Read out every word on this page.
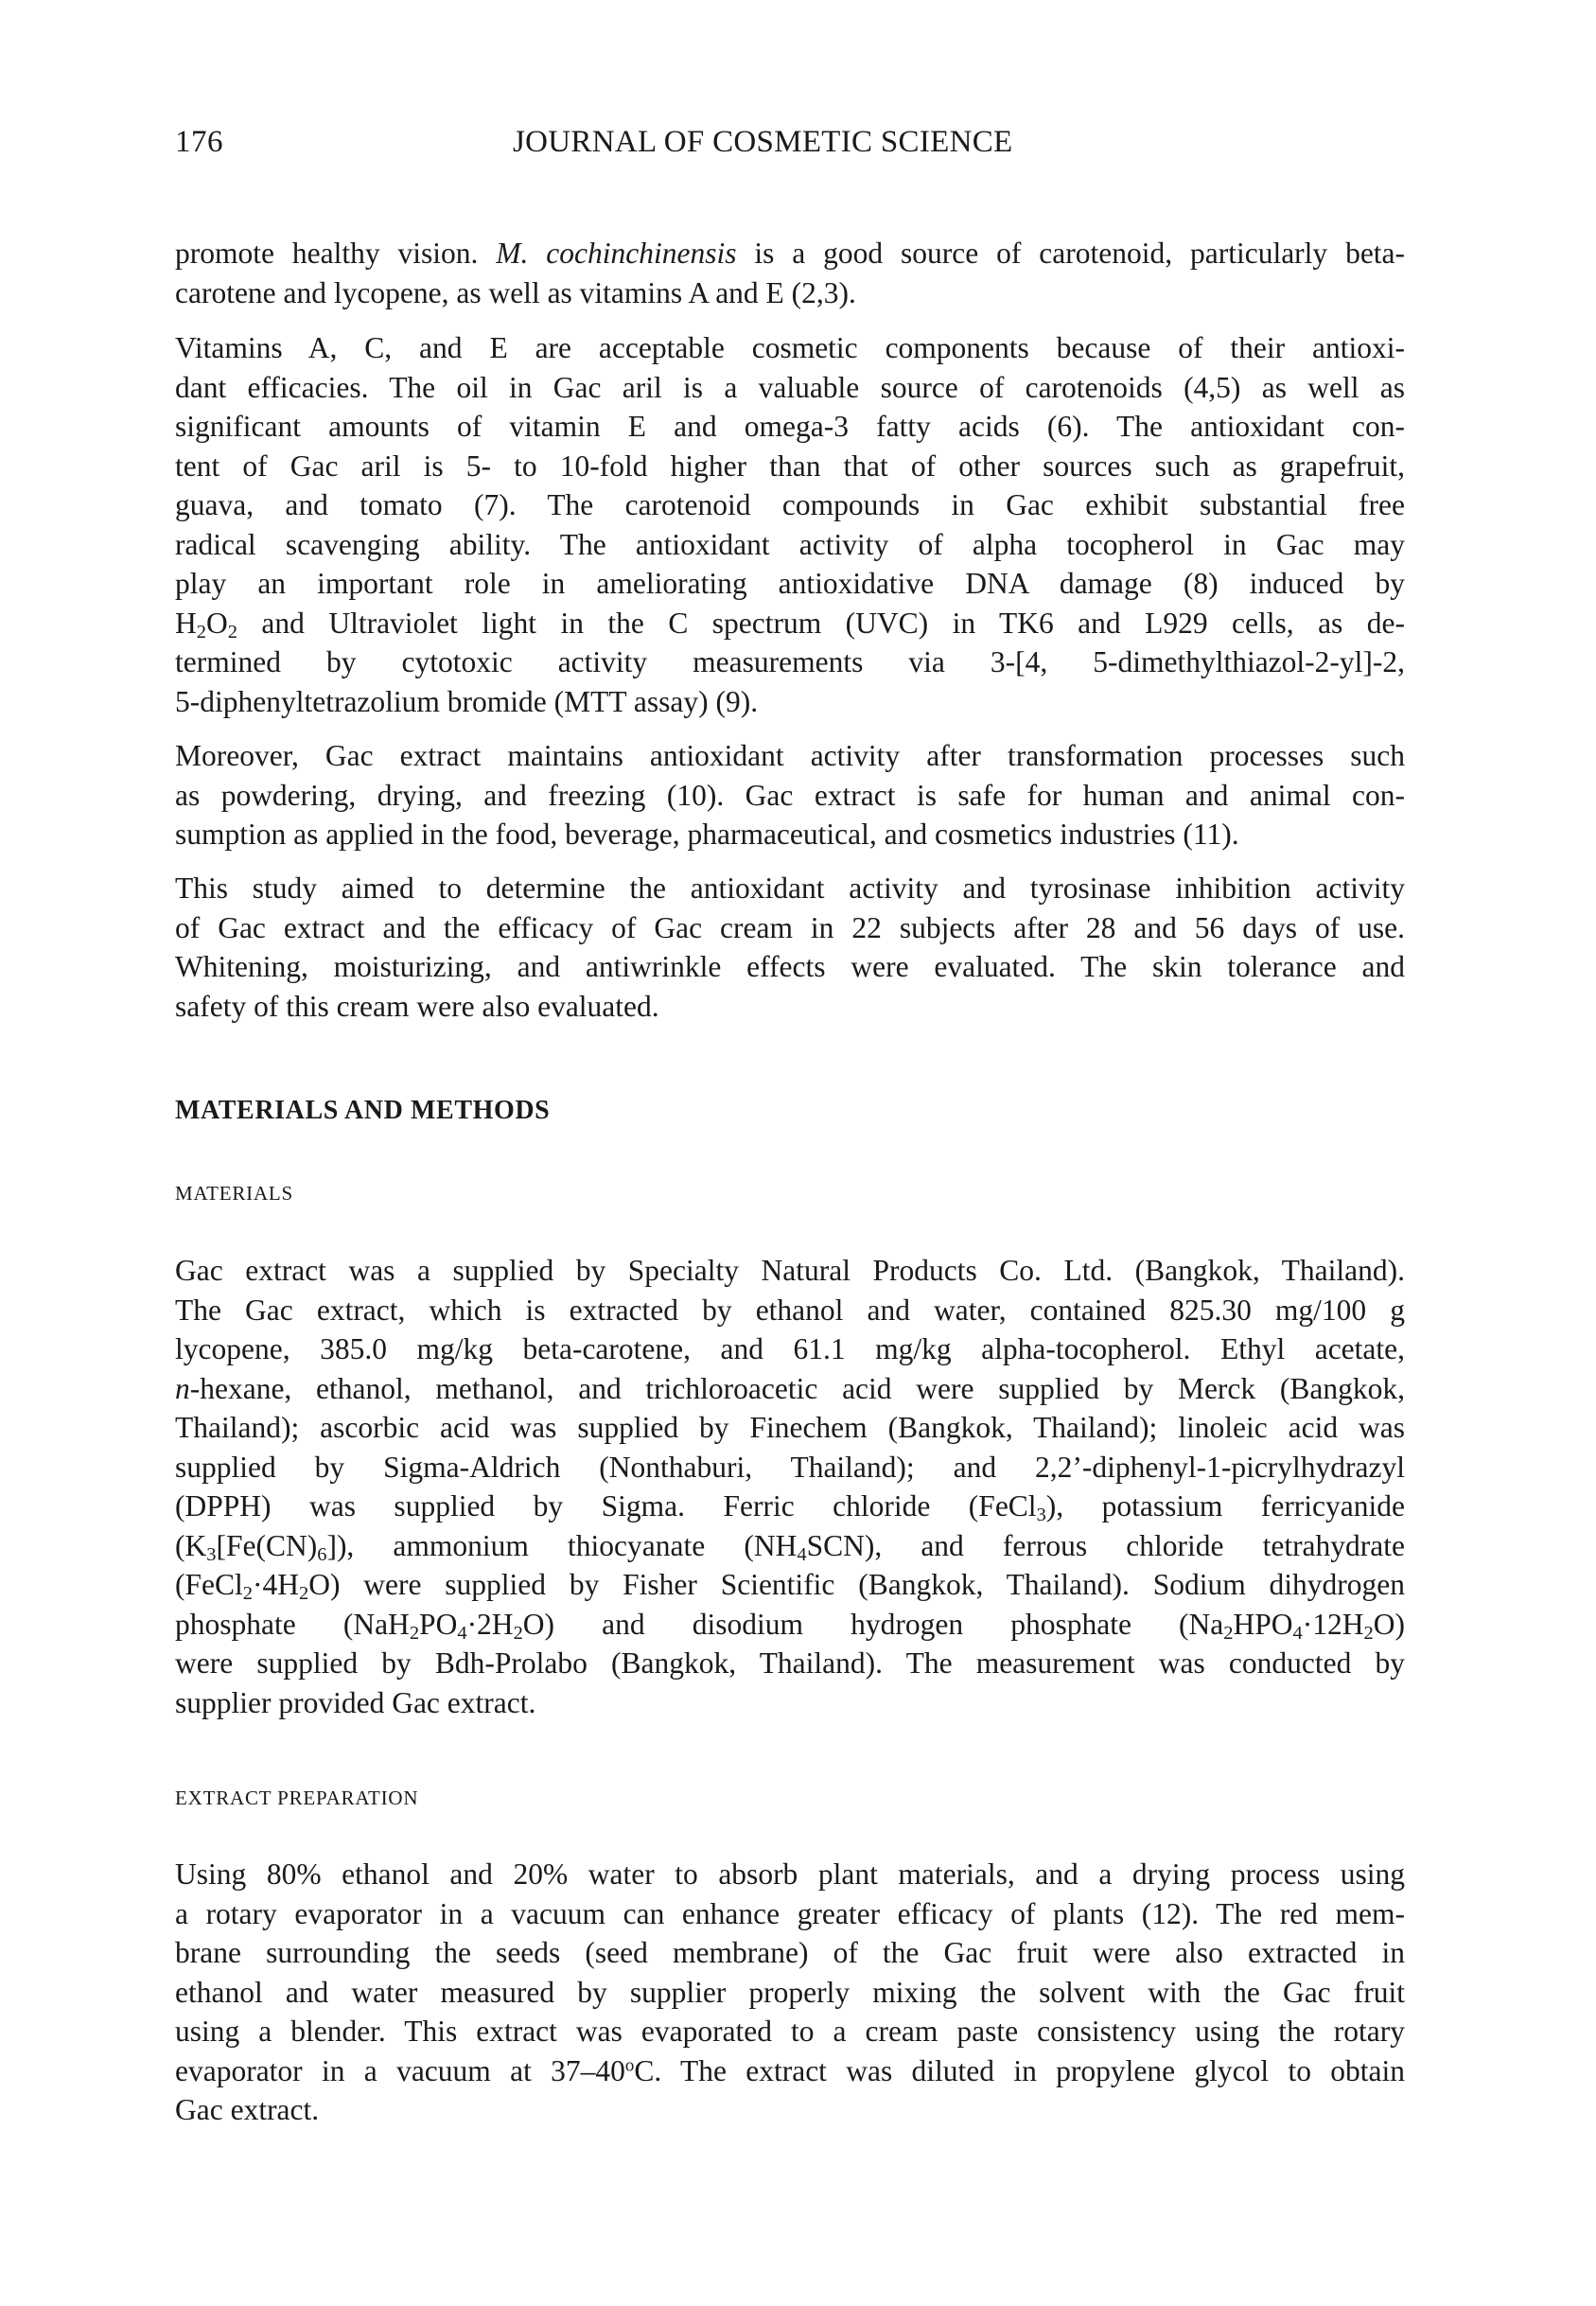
176	JOURNAL OF COSMETIC SCIENCE
promote healthy vision. M. cochinchinensis is a good source of carotenoid, particularly beta-
carotene and lycopene, as well as vitamins A and E (2,3).
Vitamins A, C, and E are acceptable cosmetic components because of their antioxi-
dant efficacies. The oil in Gac aril is a valuable source of carotenoids (4,5) as well as
significant amounts of vitamin E and omega-3 fatty acids (6). The antioxidant con-
tent of Gac aril is 5- to 10-fold higher than that of other sources such as grapefruit,
guava, and tomato (7). The carotenoid compounds in Gac exhibit substantial free
radical scavenging ability. The antioxidant activity of alpha tocopherol in Gac may
play an important role in ameliorating antioxidative DNA damage (8) induced by
$H_2O_2$ and Ultraviolet light in the C spectrum (UVC) in TK6 and L929 cells, as de-
termined by cytotoxic activity measurements via 3-[4, 5-dimethylthiazol-2-yl]-2,
5-diphenyltetrazolium bromide (MTT assay) (9).
Moreover, Gac extract maintains antioxidant activity after transformation processes such
as powdering, drying, and freezing (10). Gac extract is safe for human and animal con-
sumption as applied in the food, beverage, pharmaceutical, and cosmetics industries (11).
This study aimed to determine the antioxidant activity and tyrosinase inhibition activity
of Gac extract and the efficacy of Gac cream in 22 subjects after 28 and 56 days of use.
Whitening, moisturizing, and antiwrinkle effects were evaluated. The skin tolerance and
safety of this cream were also evaluated.
MATERIALS AND METHODS
MATERIALS
Gac extract was a supplied by Specialty Natural Products Co. Ltd. (Bangkok, Thailand).
The Gac extract, which is extracted by ethanol and water, contained 825.30 mg/100 g
lycopene, 385.0 mg/kg beta-carotene, and 61.1 mg/kg alpha-tocopherol. Ethyl acetate,
n-hexane, ethanol, methanol, and trichloroacetic acid were supplied by Merck (Bangkok,
Thailand); ascorbic acid was supplied by Finechem (Bangkok, Thailand); linoleic acid was
supplied by Sigma-Aldrich (Nonthaburi, Thailand); and 2,2’-diphenyl-1-picrylhydrazyl
(DPPH) was supplied by Sigma. Ferric chloride (FeCl$_3$), potassium ferricyanide
$(K_3[Fe(CN)_6])$, ammonium thiocyanate $(NH_4SCN)$, and ferrous chloride tetrahydrate
$(FeCl_2\cdot 4H_2O)$ were supplied by Fisher Scientific (Bangkok, Thailand). Sodium dihydrogen
phosphate $(NaH_2PO_4\cdot 2H_2O)$ and disodium hydrogen phosphate $(Na_2HPO_4\cdot 12H_2O)$
were supplied by Bdh-Prolabo (Bangkok, Thailand). The measurement was conducted by
supplier provided Gac extract.
EXTRACT PREPARATION
Using 80% ethanol and 20% water to absorb plant materials, and a drying process using
a rotary evaporator in a vacuum can enhance greater efficacy of plants (12). The red mem-
brane surrounding the seeds (seed membrane) of the Gac fruit were also extracted in
ethanol and water measured by supplier properly mixing the solvent with the Gac fruit
using a blender. This extract was evaporated to a cream paste consistency using the rotary
evaporator in a vacuum at 37–40$^o$C. The extract was diluted in propylene glycol to obtain
Gac extract.
